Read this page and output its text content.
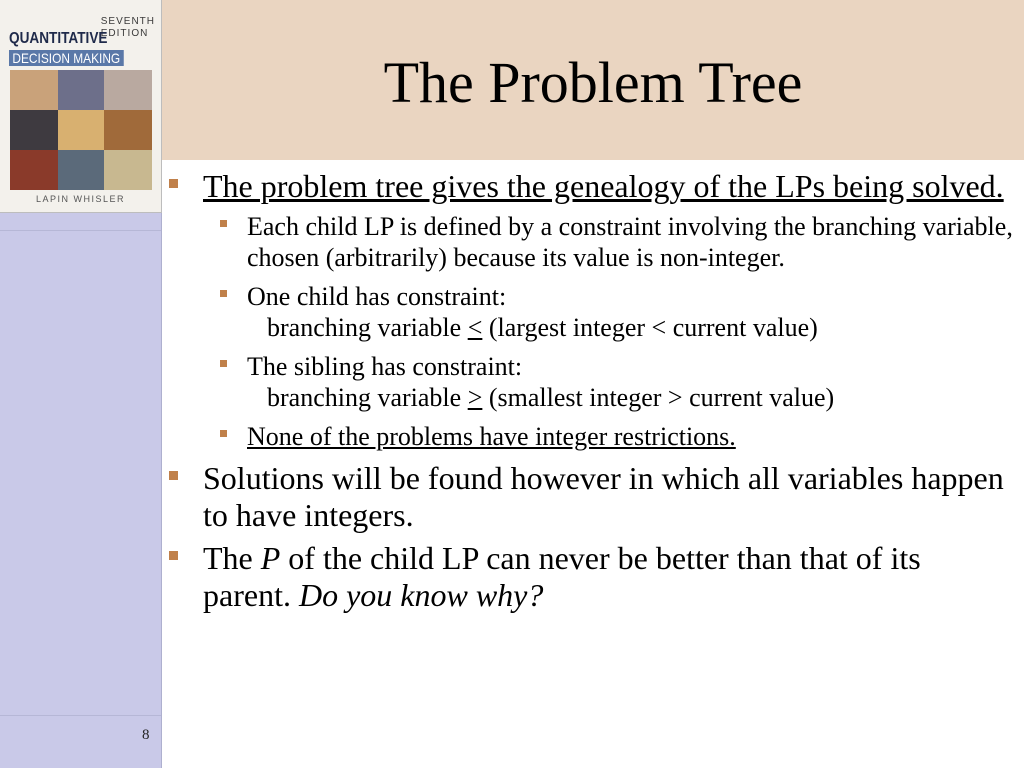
The Problem Tree
SEVENTH
EDITION
QUANTITATIVE
DECISION MAKING
LAPIN WHISLER	The problem tree gives the genealogy of the LPs being solved.
Each child LP is defined by a constraint involving the branching variable, chosen (arbitrarily) because its value is non-integer.
One child has constraint:
branching variable < (largest integer < current value)
The sibling has constraint:
branching variable > (smallest integer > current value)
None of the problems have integer restrictions.
Solutions will be found however in which all variables happen to have integers.
The P of the child LP can never be better than that of its parent. Do you know why?
8
